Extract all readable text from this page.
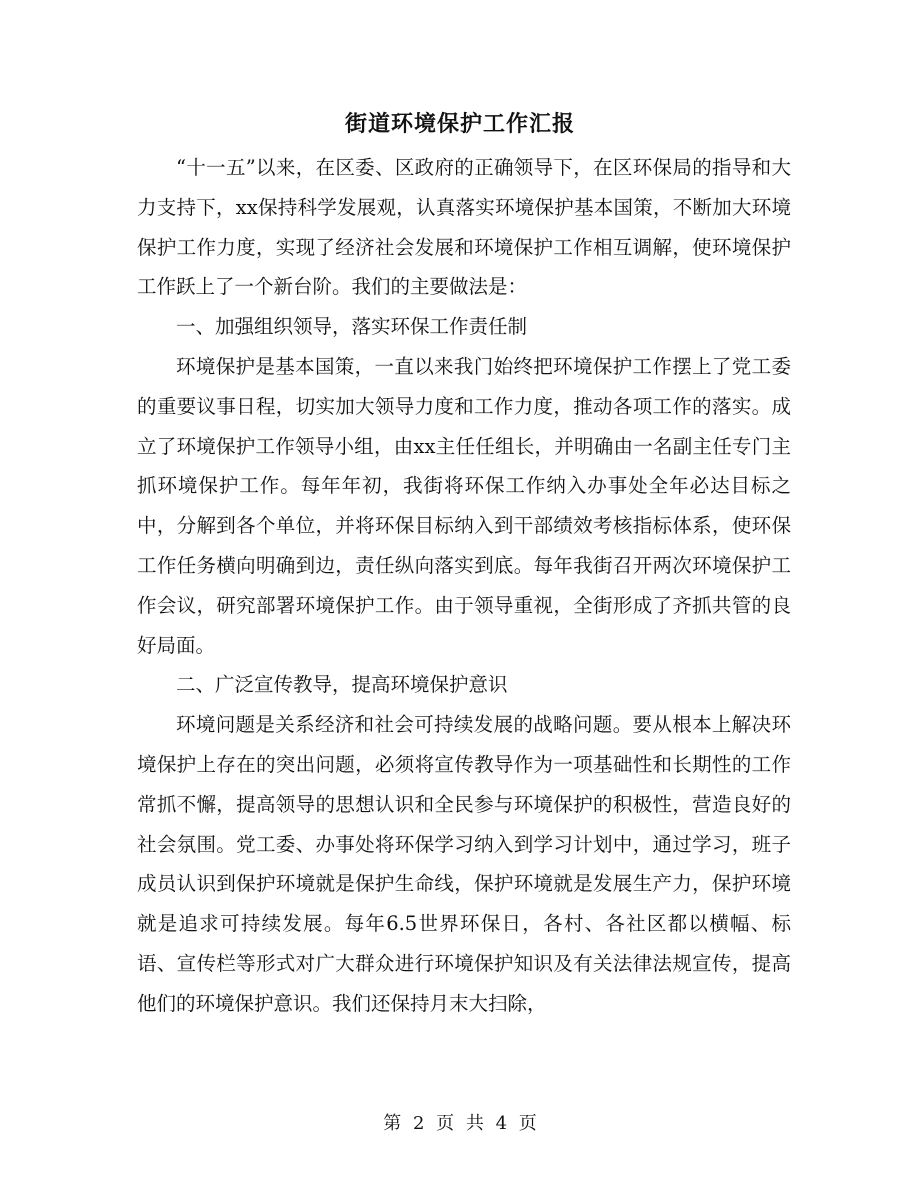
街道环境保护工作汇报

“十一五”以来，在区委、区政府的正确领导下，在区环保局的指导和大力支持下，xx保持科学发展观，认真落实环境保护基本国策，不断加大环境保护工作力度，实现了经济社会发展和环境保护工作相互调解，使环境保护工作跃上了一个新台阶。我们的主要做法是：

一、加强组织领导，落实环保工作责任制

环境保护是基本国策，一直以来我门始终把环境保护工作摆上了党工委的重要议事日程，切实加大领导力度和工作力度，推动各项工作的落实。成立了环境保护工作领导小组，由xx主任任组长，并明确由一名副主任专门主抓环境保护工作。每年年初，我街将环保工作纳入办事处全年必达目标之中，分解到各个单位，并将环保目标纳入到干部绩效考核指标体系，使环保工作任务横向明确到边，责任纵向落实到底。每年我街召开两次环境保护工作会议，研究部署环境保护工作。由于领导重视，全街形成了齐抓共管的良好局面。

二、广泛宣传教导，提高环境保护意识

环境问题是关系经济和社会可持续发展的战略问题。要从根本上解决环境保护上存在的突出问题，必须将宣传教导作为一项基础性和长期性的工作常抓不懈，提高领导的思想认识和全民参与环境保护的积极性，营造良好的社会氛围。党工委、办事处将环保学习纳入到学习计划中，通过学习，班子成员认识到保护环境就是保护生命线，保护环境就是发展生产力，保护环境就是追求可持续发展。每年6.5世界环保日，各村、各社区都以横幅、标语、宣传栏等形式对广大群众进行环境保护知识及有关法律法规宣传，提高他们的环境保护意识。我们还保持月末大扫除，

第 2 页 共 4 页
